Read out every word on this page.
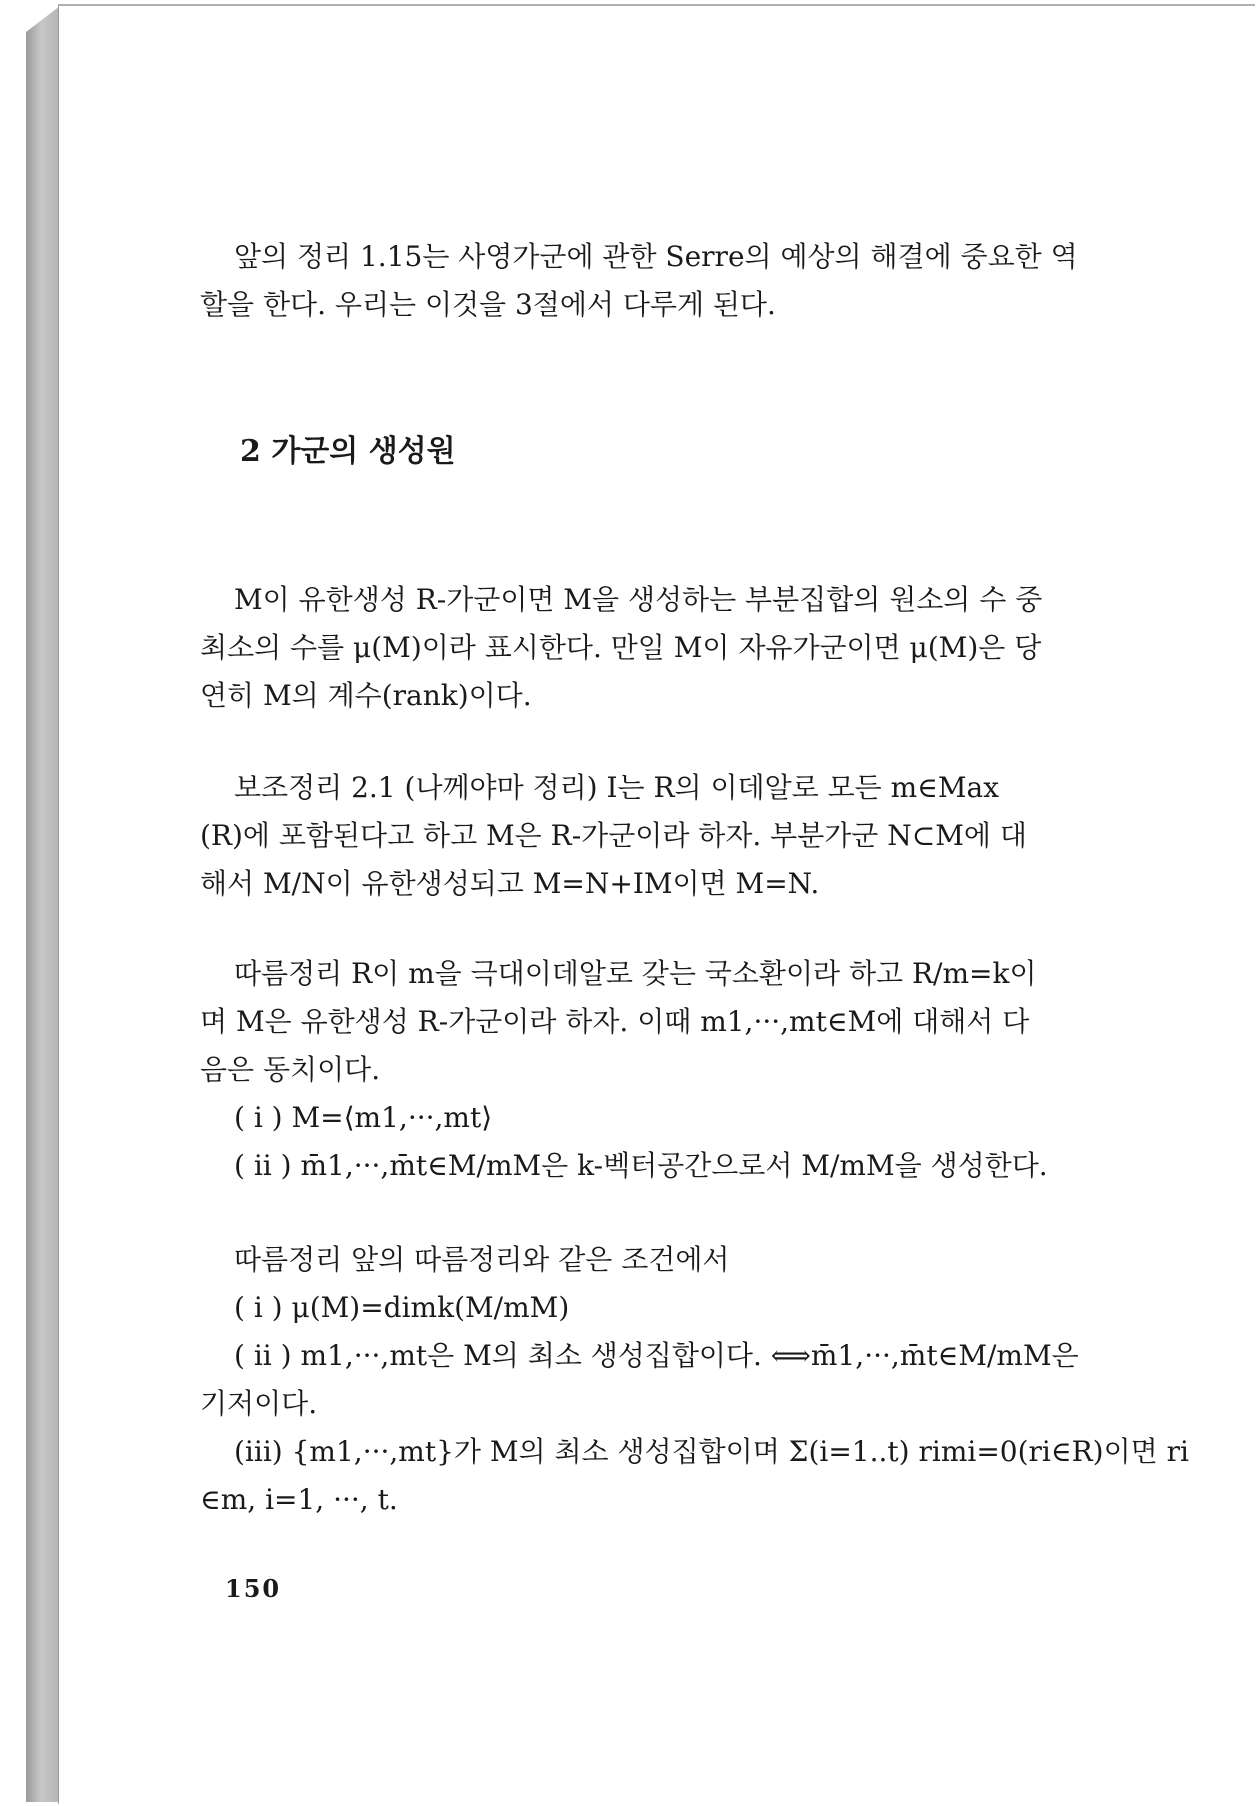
앞의 정리 1.15는 사영가군에 관한 Serre의 예상의 해결에 중요한 역
할을 한다. 우리는 이것을 3절에서 다루게 된다.
2 가군의 생성원
M이 유한생성 R-가군이면 M을 생성하는 부분집합의 원소의 수 중
최소의 수를 μ(M)이라 표시한다. 만일 M이 자유가군이면 μ(M)은 당
연히 M의 계수(rank)이다.
보조정리 2.1 (나께야마 정리) I는 R의 이데알로 모든 m∈Max
(R)에 포함된다고 하고 M은 R-가군이라 하자. 부분가군 N⊂M에 대
해서 M/N이 유한생성되고 M=N+IM이면 M=N.
따름정리 R이 m을 극대이데알로 갖는 국소환이라 하고 R/m=k이
며 M은 유한생성 R-가군이라 하자. 이때 m1,···,mt∈M에 대해서 다
음은 동치이다.
( i ) M=⟨m1,···,mt⟩
( ii ) m̄1,···,m̄t∈M/mM은 k-벡터공간으로서 M/mM을 생성한다.
따름정리 앞의 따름정리와 같은 조건에서
( i ) μ(M)=dimk(M/mM)
( ii ) m1,···,mt은 M의 최소 생성집합이다. ⟺m̄1,···,m̄t∈M/mM은
기저이다.
(iii) {m1,···,mt}가 M의 최소 생성집합이며 Σ(i=1..t) rimi=0(ri∈R)이면 ri
∈m, i=1, ···, t.
150
